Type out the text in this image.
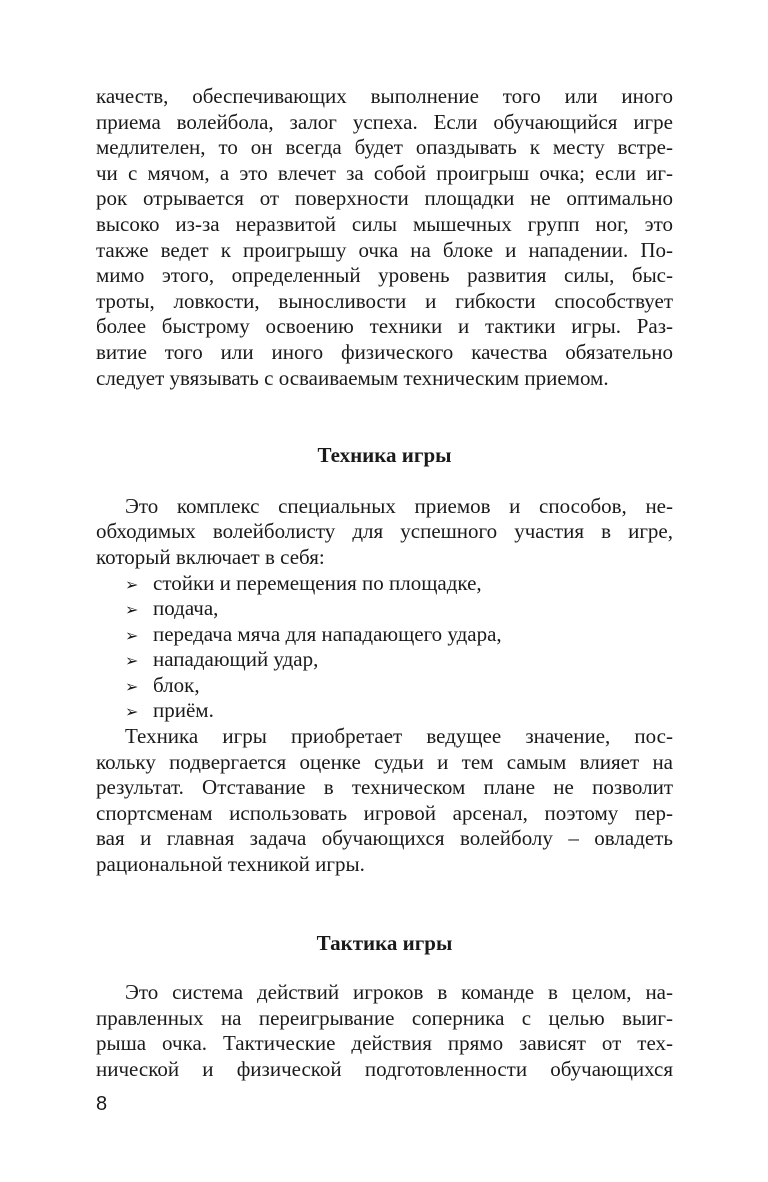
качеств, обеспечивающих выполнение того или иного
приема волейбола, залог успеха. Если обучающийся игре
медлителен, то он всегда будет опаздывать к месту встре-
чи с мячом, а это влечет за собой проигрыш очка; если иг-
рок отрывается от поверхности площадки не оптимально
высоко из-за неразвитой силы мышечных групп ног, это
также ведет к проигрышу очка на блоке и нападении. По-
мимо этого, определенный уровень развития силы, быс-
троты, ловкости, выносливости и гибкости способствует
более быстрому освоению техники и тактики игры. Раз-
витие того или иного физического качества обязательно
следует увязывать с осваиваемым техническим приемом.
Техника игры
Это комплекс специальных приемов и способов, не-
обходимых волейболисту для успешного участия в игре,
который включает в себя:
➢ стойки и перемещения по площадке,
➢ подача,
➢ передача мяча для нападающего удара,
➢ нападающий удар,
➢ блок,
➢ приём.
Техника игры приобретает ведущее значение, пос-
кольку подвергается оценке судьи и тем самым влияет на
результат. Отставание в техническом плане не позволит
спортсменам использовать игровой арсенал, поэтому пер-
вая и главная задача обучающихся волейболу – овладеть
рациональной техникой игры.
Тактика игры
Это система действий игроков в команде в целом, на-
правленных на переигрывание соперника с целью выиг-
рыша очка. Тактические действия прямо зависят от тех-
нической и физической подготовленности обучающихся
8
